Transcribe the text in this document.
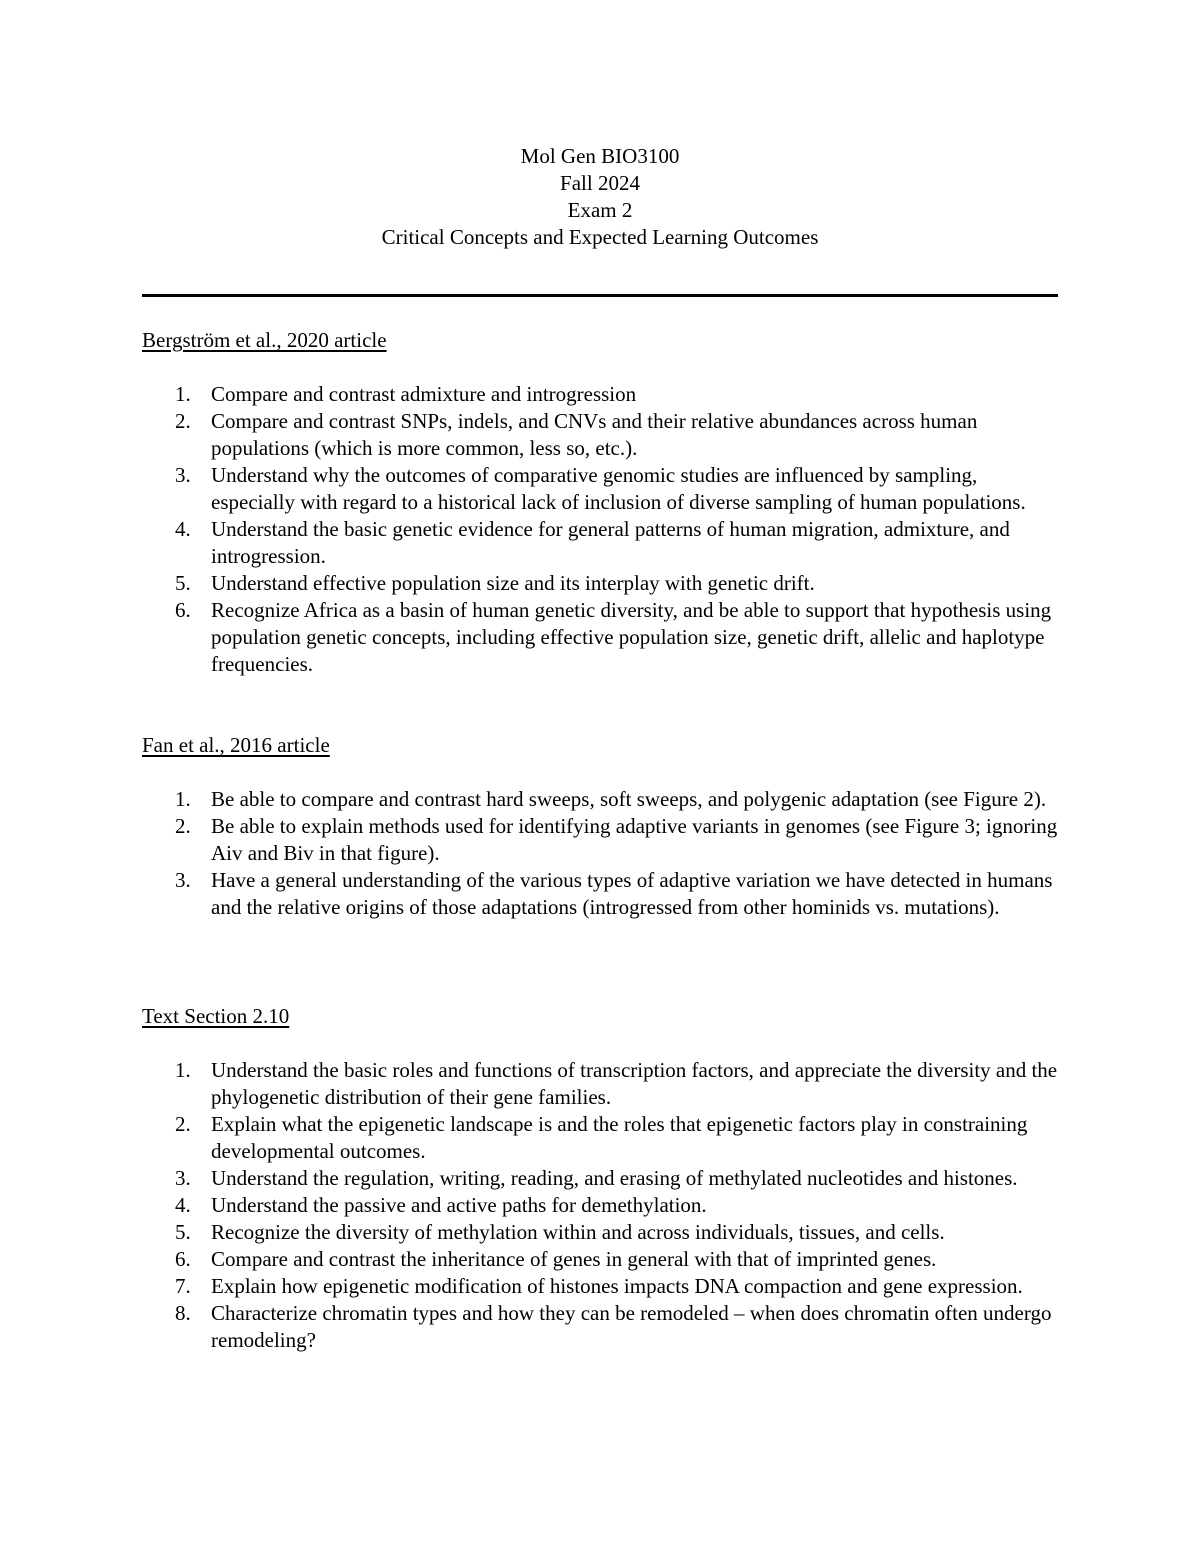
Mol Gen BIO3100
Fall 2024
Exam 2
Critical Concepts and Expected Learning Outcomes
Bergström et al., 2020 article
1. Compare and contrast admixture and introgression
2. Compare and contrast SNPs, indels, and CNVs and their relative abundances across human populations (which is more common, less so, etc.).
3. Understand why the outcomes of comparative genomic studies are influenced by sampling, especially with regard to a historical lack of inclusion of diverse sampling of human populations.
4. Understand the basic genetic evidence for general patterns of human migration, admixture, and introgression.
5. Understand effective population size and its interplay with genetic drift.
6. Recognize Africa as a basin of human genetic diversity, and be able to support that hypothesis using population genetic concepts, including effective population size, genetic drift, allelic and haplotype frequencies.
Fan et al., 2016 article
1. Be able to compare and contrast hard sweeps, soft sweeps, and polygenic adaptation (see Figure 2).
2. Be able to explain methods used for identifying adaptive variants in genomes (see Figure 3; ignoring Aiv and Biv in that figure).
3. Have a general understanding of the various types of adaptive variation we have detected in humans and the relative origins of those adaptations (introgressed from other hominids vs. mutations).
Text Section 2.10
1. Understand the basic roles and functions of transcription factors, and appreciate the diversity and the phylogenetic distribution of their gene families.
2. Explain what the epigenetic landscape is and the roles that epigenetic factors play in constraining developmental outcomes.
3. Understand the regulation, writing, reading, and erasing of methylated nucleotides and histones.
4. Understand the passive and active paths for demethylation.
5. Recognize the diversity of methylation within and across individuals, tissues, and cells.
6. Compare and contrast the inheritance of genes in general with that of imprinted genes.
7. Explain how epigenetic modification of histones impacts DNA compaction and gene expression.
8. Characterize chromatin types and how they can be remodeled – when does chromatin often undergo remodeling?
